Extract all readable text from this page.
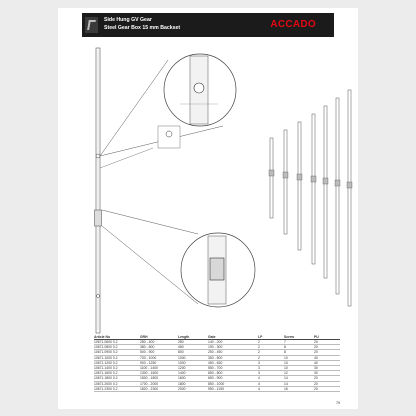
Side Hung GV Gear
Steel Gear Box 15 mm Backset	ACCADO
Article No	GRH	Length	Gate	LP	Screw	PU
10671.0600 0.2	280 - 400	280	140 - 200	2	7	20
10671.0800 0.2	380 - 600	450	190 - 300	2	8	20
10671.0900 0.2	500 - 900	800	250 - 450	2	8	20
10671.1000 0.2	700 - 1000	1000	350 - 500	2	10	40
10671.1200 0.2	900 - 1250	1000	450 - 630	3	10	40
10671.1400 0.2	1100 - 1400	1200	550 - 700	3	10	30
10671.1600 0.2	1300 - 1600	1400	650 - 800	3	12	30
10671.1800 0.2	1500 - 1800	1600	650 - 900	4	14	20
10671.2000 0.2	1700 - 2000	1800	850 - 1000	4	14	20
10671.2300 0.2	1820 - 2300	2000	950 - 1150	4	16	20
79
